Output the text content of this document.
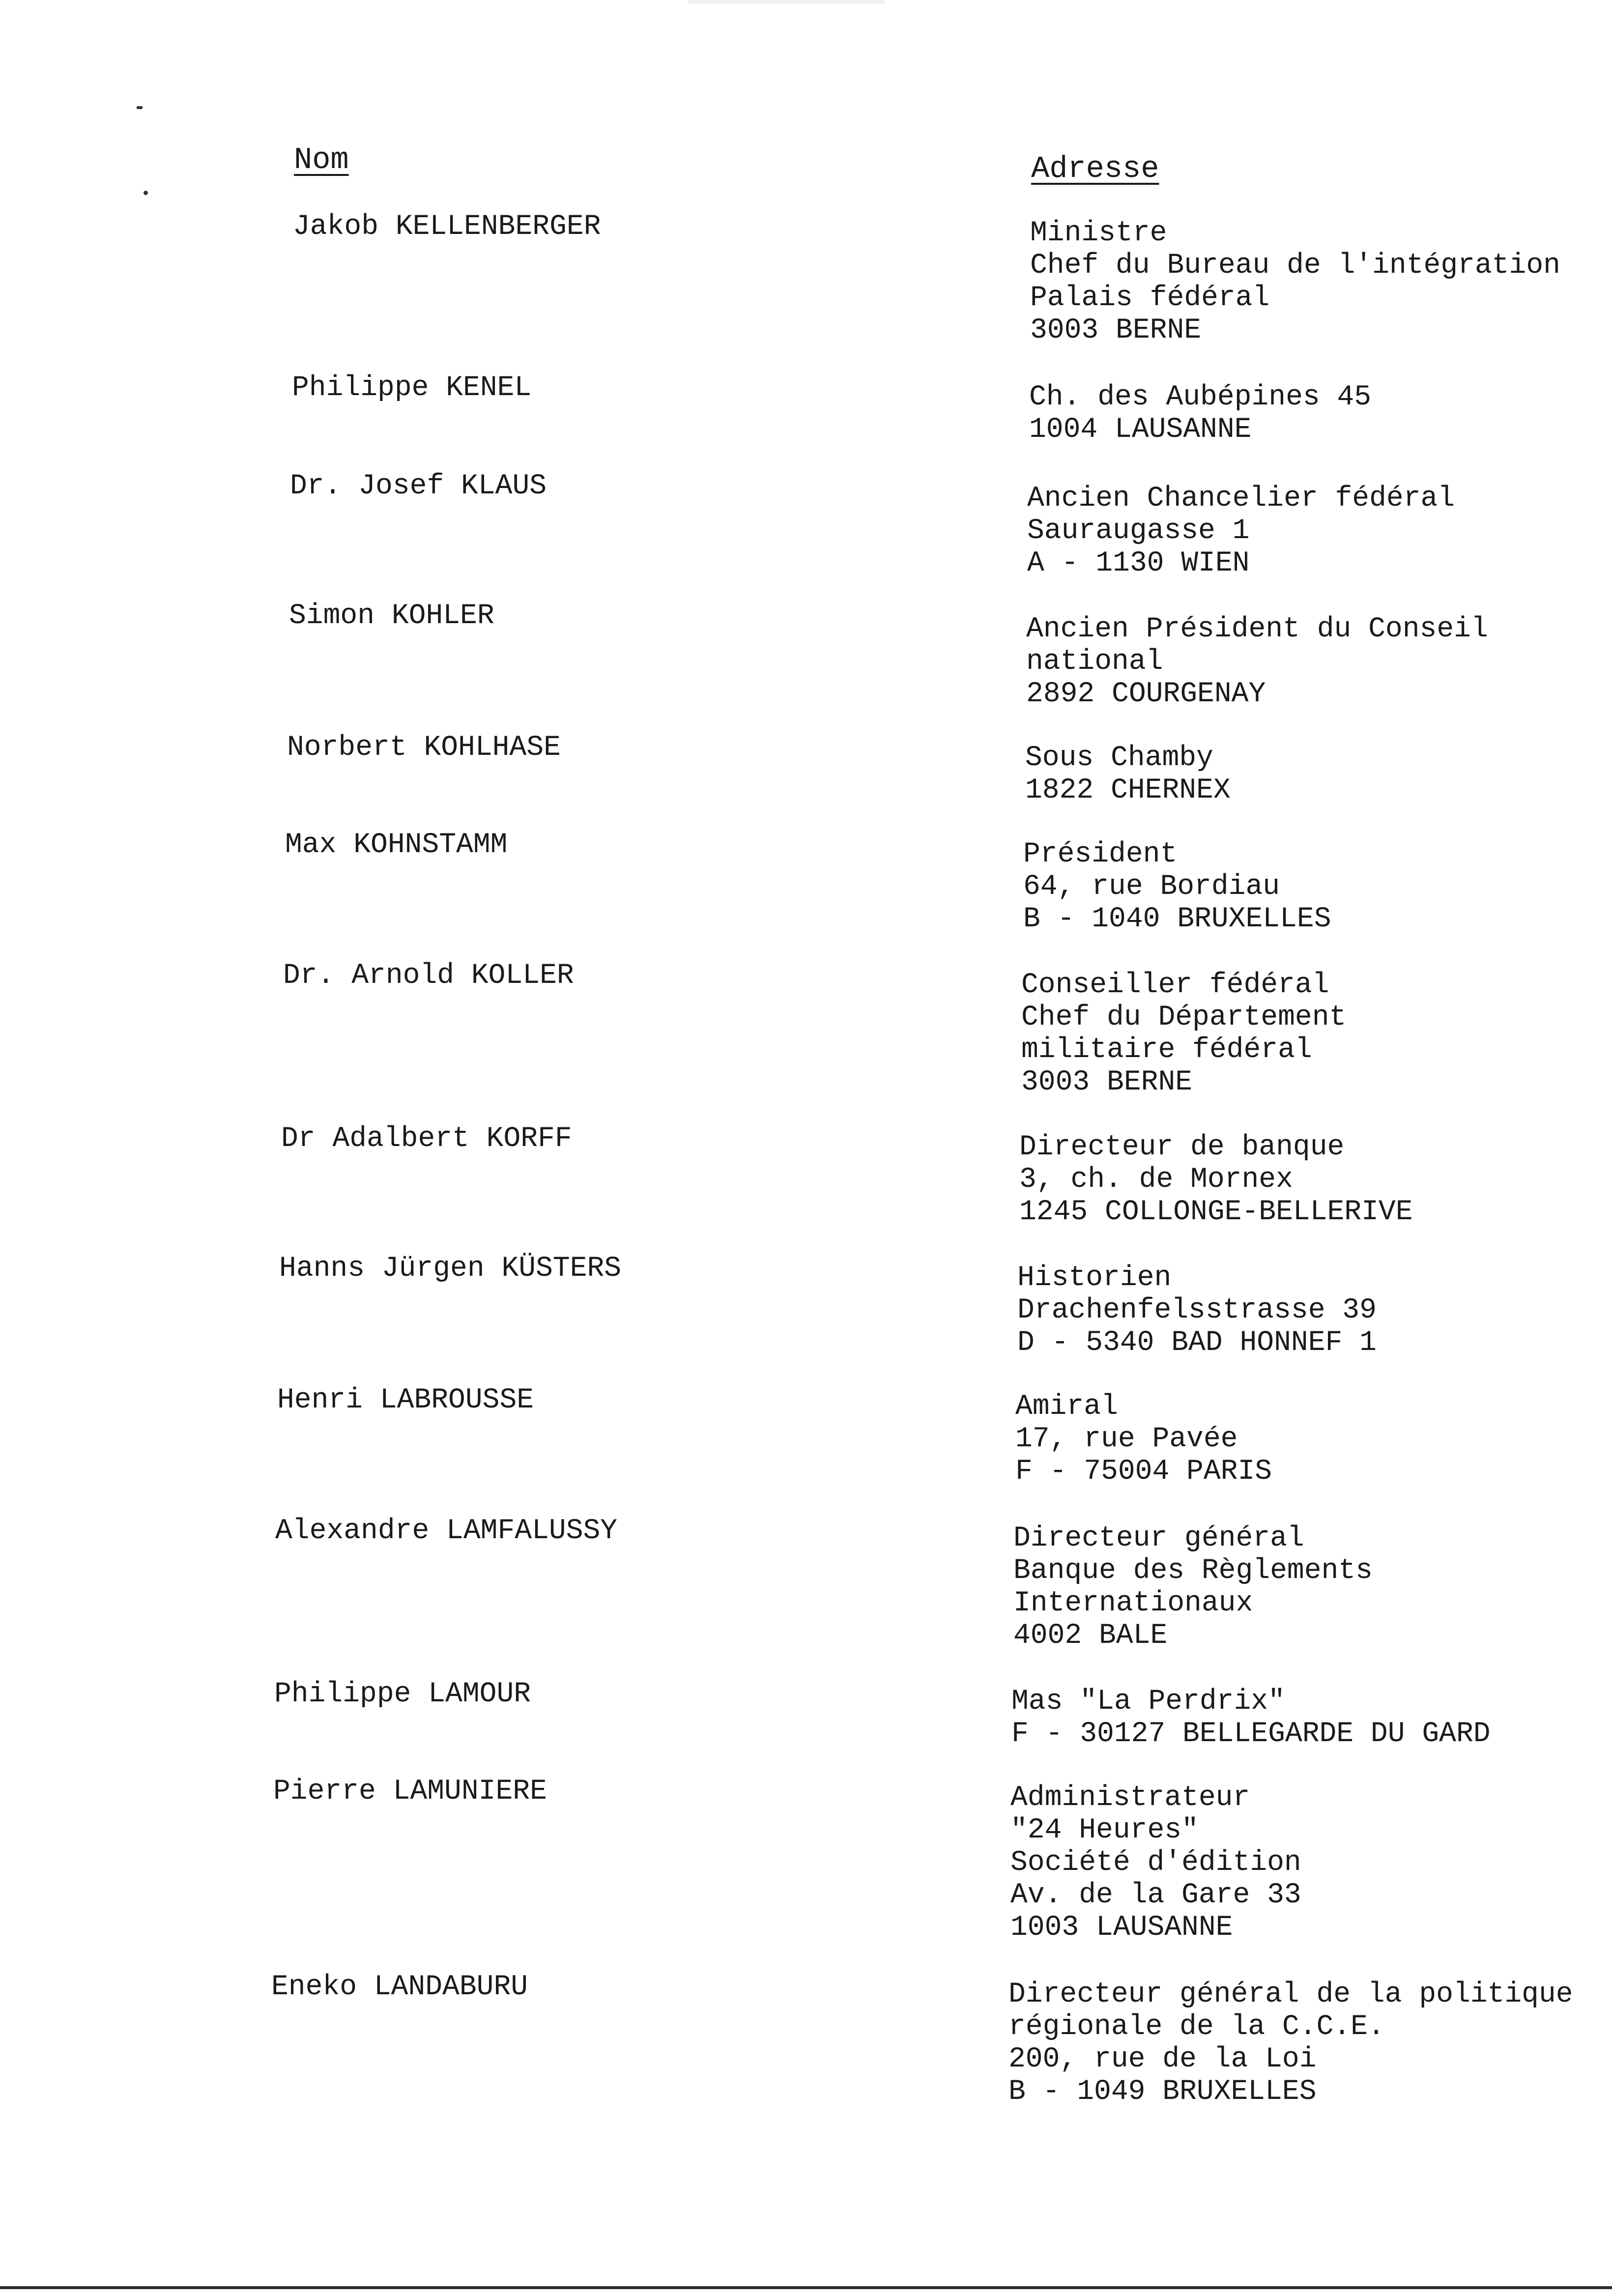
Nom	Adresse
Jakob KELLENBERGER	Ministre
Chef du Bureau de l'intégration
Palais fédéral
3003 BERNE
Philippe KENEL	Ch. des Aubépines 45
1004 LAUSANNE
Dr. Josef KLAUS	Ancien Chancelier fédéral
Sauraugasse 1
A - 1130 WIEN
Simon KOHLER	Ancien Président du Conseil
national
2892 COURGENAY
Norbert KOHLHASE	Sous Chamby
1822 CHERNEX
Max KOHNSTAMM	Président
64, rue Bordiau
B - 1040 BRUXELLES
Dr. Arnold KOLLER	Conseiller fédéral
Chef du Département
militaire fédéral
3003 BERNE
Dr Adalbert KORFF	Directeur de banque
3, ch. de Mornex
1245 COLLONGE-BELLERIVE
Hanns Jürgen KÜSTERS	Historien
Drachenfelsstrasse 39
D - 5340 BAD HONNEF 1
Henri LABROUSSE	Amiral
17, rue Pavée
F - 75004 PARIS
Alexandre LAMFALUSSY	Directeur général
Banque des Règlements
Internationaux
4002 BALE
Philippe LAMOUR	Mas "La Perdrix"
F - 30127 BELLEGARDE DU GARD
Pierre LAMUNIERE	Administrateur
"24 Heures"
Société d'édition
Av. de la Gare 33
1003 LAUSANNE
Eneko LANDABURU	Directeur général de la politique
régionale de la C.C.E.
200, rue de la Loi
B - 1049 BRUXELLES
